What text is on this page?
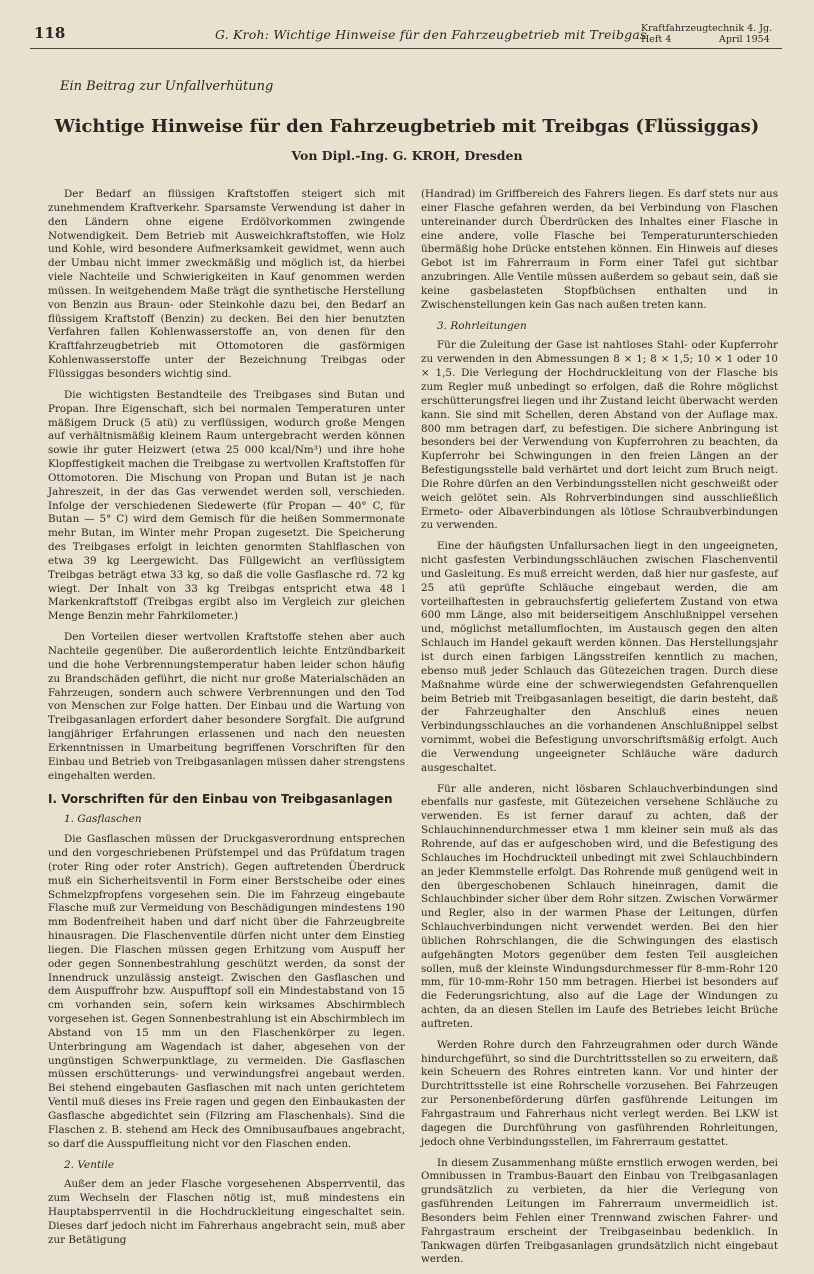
118	G. Kroh: Wichtige Hinweise für den Fahrzeugbetrieb mit Treibgas
Kraftfahrzeugtechnik 4. Jg.
Heft 4	April 1954
Ein Beitrag zur Unfallverhütung
Wichtige Hinweise für den Fahrzeugbetrieb mit Treibgas (Flüssiggas)
Von Dipl.-Ing. G. KROH, Dresden

Der Bedarf an flüssigen Kraftstoffen steigert sich mit zunehmendem Kraftverkehr. Sparsamste Verwendung ist daher in den Ländern ohne eigene Erdölvorkommen zwingende Notwendigkeit. Dem Betrieb mit Ausweichkraftstoffen, wie Holz und Kohle, wird besondere Aufmerksamkeit gewidmet, wenn auch der Umbau nicht immer zweckmäßig und möglich ist, da hierbei viele Nachteile und Schwierigkeiten in Kauf genommen werden müssen. In weitgehendem Maße trägt die synthetische Herstellung von Benzin aus Braun- oder Steinkohle dazu bei, den Bedarf an flüssigem Kraftstoff (Benzin) zu decken. Bei den hier benutzten Verfahren fallen Kohlenwasserstoffe an, von denen für den Kraftfahrzeugbetrieb mit Ottomotoren die gasförmigen Kohlenwasserstoffe unter der Bezeichnung Treibgas oder Flüssiggas besonders wichtig sind.

Die wichtigsten Bestandteile des Treibgases sind Butan und Propan. Ihre Eigenschaft, sich bei normalen Temperaturen unter mäßigem Druck (5 atü) zu verflüssigen, wodurch große Mengen auf verhältnismäßig kleinem Raum untergebracht werden können sowie ihr guter Heizwert (etwa 25 000 kcal/Nm³) und ihre hohe Klopffestigkeit machen die Treibgase zu wertvollen Kraftstoffen für Ottomotoren. Die Mischung von Propan und Butan ist je nach Jahreszeit, in der das Gas verwendet werden soll, verschieden. Infolge der verschiedenen Siedewerte (für Propan — 40° C, für Butan — 5° C) wird dem Gemisch für die heißen Sommermonate mehr Butan, im Winter mehr Propan zugesetzt. Die Speicherung des Treibgases erfolgt in leichten genormten Stahlflaschen von etwa 39 kg Leergewicht. Das Füllgewicht an verflüssigtem Treibgas beträgt etwa 33 kg, so daß die volle Gasflasche rd. 72 kg wiegt. Der Inhalt von 33 kg Treibgas entspricht etwa 48 l Markenkraftstoff (Treibgas ergibt also im Vergleich zur gleichen Menge Benzin mehr Fahrkilometer.)

Den Vorteilen dieser wertvollen Kraftstoffe stehen aber auch Nachteile gegenüber. Die außerordentlich leichte Entzündbarkeit und die hohe Verbrennungstemperatur haben leider schon häufig zu Brandschäden geführt, die nicht nur große Materialschäden an Fahrzeugen, sondern auch schwere Verbrennungen und den Tod von Menschen zur Folge hatten. Der Einbau und die Wartung von Treibgasanlagen erfordert daher besondere Sorgfalt. Die aufgrund langjähriger Erfahrungen erlassenen und nach den neuesten Erkenntnissen in Umarbeitung begriffenen Vorschriften für den Einbau und Betrieb von Treibgasanlagen müssen daher strengstens eingehalten werden.

I. Vorschriften für den Einbau von Treibgasanlagen
1. Gasflaschen

Die Gasflaschen müssen der Druckgasverordnung entsprechen und den vorgeschriebenen Prüfstempel und das Prüfdatum tragen (roter Ring oder roter Anstrich). Gegen auftretenden Überdruck muß ein Sicherheitsventil in Form einer Berstscheibe oder eines Schmelzpfropfens vorgesehen sein. Die im Fahrzeug eingebaute Flasche muß zur Vermeidung von Beschädigungen mindestens 190 mm Bodenfreiheit haben und darf nicht über die Fahrzeugbreite hinausragen. Die Flaschenventile dürfen nicht unter dem Einstieg liegen. Die Flaschen müssen gegen Erhitzung vom Auspuff her oder gegen Sonnenbestrahlung geschützt werden, da sonst der Innendruck unzulässig ansteigt. Zwischen den Gasflaschen und dem Auspuffrohr bzw. Auspufftopf soll ein Mindestabstand von 15 cm vorhanden sein, sofern kein wirksames Abschirmblech vorgesehen ist. Gegen Sonnenbestrahlung ist ein Abschirmblech im Abstand von 15 mm un den Flaschenkörper zu legen. Unterbringung am Wagendach ist daher, abgesehen von der ungünstigen Schwerpunktlage, zu vermeiden. Die Gasflaschen müssen erschütterungs- und verwindungsfrei angebaut werden. Bei stehend eingebauten Gasflaschen mit nach unten gerichtetem Ventil muß dieses ins Freie ragen und gegen den Einbaukasten der Gasflasche abgedichtet sein (Filzring am Flaschenhals). Sind die Flaschen z. B. stehend am Heck des Omnibusaufbaues angebracht, so darf die Ausspuffleitung nicht vor den Flaschen enden.

2. Ventile

Außer dem an jeder Flasche vorgesehenen Absperrventil, das zum Wechseln der Flaschen nötig ist, muß mindestens ein Hauptabsperrventil in die Hochdruckleitung eingeschaltet sein. Dieses darf jedoch nicht im Fahrerhaus angebracht sein, muß aber zur Betätigung

(Handrad) im Griffbereich des Fahrers liegen. Es darf stets nur aus einer Flasche gefahren werden, da bei Verbindung von Flaschen untereinander durch Überdrücken des Inhaltes einer Flasche in eine andere, volle Flasche bei Temperaturunterschieden übermäßig hohe Drücke entstehen können. Ein Hinweis auf dieses Gebot ist im Fahrerraum in Form einer Tafel gut sichtbar anzubringen. Alle Ventile müssen außerdem so gebaut sein, daß sie keine gasbelasteten Stopfbüchsen enthalten und in Zwischenstellungen kein Gas nach außen treten kann.

3. Rohrleitungen

Für die Zuleitung der Gase ist nahtloses Stahl- oder Kupferrohr zu verwenden in den Abmessungen 8 × 1; 8 × 1,5; 10 × 1 oder 10 × 1,5. Die Verlegung der Hochdruckleitung von der Flasche bis zum Regler muß unbedingt so erfolgen, daß die Rohre möglichst erschütterungsfrei liegen und ihr Zustand leicht überwacht werden kann. Sie sind mit Schellen, deren Abstand von der Auflage max. 800 mm betragen darf, zu befestigen. Die sichere Anbringung ist besonders bei der Verwendung von Kupferrohren zu beachten, da Kupferrohr bei Schwingungen in den freien Längen an der Befestigungsstelle bald verhärtet und dort leicht zum Bruch neigt. Die Rohre dürfen an den Verbindungsstellen nicht geschweißt oder weich gelötet sein. Als Rohrverbindungen sind ausschließlich Ermeto- oder Albaverbindungen als lötlose Schraubverbindungen zu verwenden.

Eine der häufigsten Unfallursachen liegt in den ungeeigneten, nicht gasfesten Verbindungsschläuchen zwischen Flaschenventil und Gasleitung. Es muß erreicht werden, daß hier nur gasfeste, auf 25 atü geprüfte Schläuche eingebaut werden, die am vorteilhaftesten in gebrauchsfertig geliefertem Zustand von etwa 600 mm Länge, also mit beiderseitigem Anschlußnippel versehen und, möglichst metallumflochten, im Austausch gegen den alten Schlauch im Handel gekauft werden können. Das Herstellungsjahr ist durch einen farbigen Längsstreifen kenntlich zu machen, ebenso muß jeder Schlauch das Gütezeichen tragen. Durch diese Maßnahme würde eine der schwerwiegendsten Gefahrenquellen beim Betrieb mit Treibgasanlagen beseitigt, die darin besteht, daß der Fahrzeughalter den Anschluß eines neuen Verbindungsschlauches an die vorhandenen Anschlußnippel selbst vornimmt, wobei die Befestigung unvorschriftsmäßig erfolgt. Auch die Verwendung ungeeigneter Schläuche wäre dadurch ausgeschaltet.

Für alle anderen, nicht lösbaren Schlauchverbindungen sind ebenfalls nur gasfeste, mit Gütezeichen versehene Schläuche zu verwenden. Es ist ferner darauf zu achten, daß der Schlauchinnendurchmesser etwa 1 mm kleiner sein muß als das Rohrende, auf das er aufgeschoben wird, und die Befestigung des Schlauches im Hochdruckteil unbedingt mit zwei Schlauchbindern an jeder Klemmstelle erfolgt. Das Rohrende muß genügend weit in den übergeschobenen Schlauch hineinragen, damit die Schlauchbinder sicher über dem Rohr sitzen. Zwischen Vorwärmer und Regler, also in der warmen Phase der Leitungen, dürfen Schlauchverbindungen nicht verwendet werden. Bei den hier üblichen Rohrschlangen, die die Schwingungen des elastisch aufgehängten Motors gegenüber dem festen Teil ausgleichen sollen, muß der kleinste Windungsdurchmesser für 8-mm-Rohr 120 mm, für 10-mm-Rohr 150 mm betragen. Hierbei ist besonders auf die Federungsrichtung, also auf die Lage der Windungen zu achten, da an diesen Stellen im Laufe des Betriebes leicht Brüche auftreten.

Werden Rohre durch den Fahrzeugrahmen oder durch Wände hindurchgeführt, so sind die Durchtrittsstellen so zu erweitern, daß kein Scheuern des Rohres eintreten kann. Vor und hinter der Durchtrittsstelle ist eine Rohrschelle vorzusehen. Bei Fahrzeugen zur Personenbeförderung dürfen gasführende Leitungen im Fahrgastraum und Fahrerhaus nicht verlegt werden. Bei LKW ist dagegen die Durchführung von gasführenden Rohrleitungen, jedoch ohne Verbindungsstellen, im Fahrerraum gestattet.

In diesem Zusammenhang müßte ernstlich erwogen werden, bei Omnibussen in Trambus-Bauart den Einbau von Treibgasanlagen grundsätzlich zu verbieten, da hier die Verlegung von gasführenden Leitungen im Fahrerraum unvermeidlich ist. Besonders beim Fehlen einer Trennwand zwischen Fahrer- und Fahrgastraum erscheint der Treibgaseinbau bedenklich. In Tankwagen dürfen Treibgasanlagen grundsätzlich nicht eingebaut werden.
